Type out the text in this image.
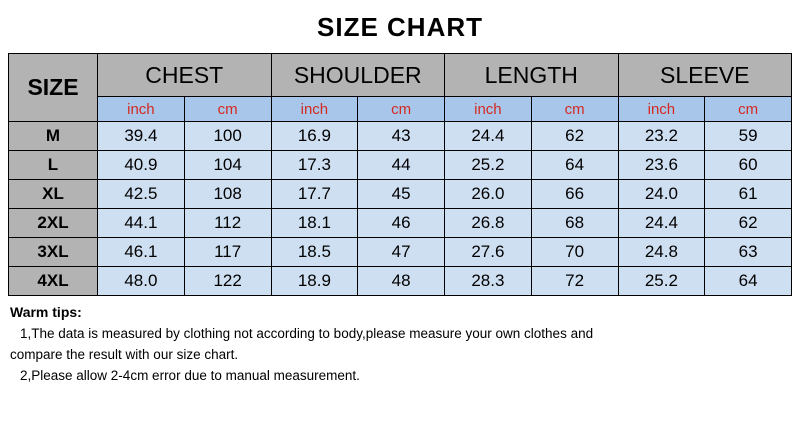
SIZE CHART
SIZE	CHEST		SHOULDER		LENGTH		SLEEVE	
	inch	cm	inch	cm	inch	cm	inch	cm
M	39.4	100	16.9	43	24.4	62	23.2	59
L	40.9	104	17.3	44	25.2	64	23.6	60
XL	42.5	108	17.7	45	26.0	66	24.0	61
2XL	44.1	112	18.1	46	26.8	68	24.4	62
3XL	46.1	117	18.5	47	27.6	70	24.8	63
4XL	48.0	122	18.9	48	28.3	72	25.2	64
Warm tips:
1,The data is measured by clothing not according to body,please measure your own clothes and
compare the result with our size chart.
2,Please allow 2-4cm error due to manual measurement.
